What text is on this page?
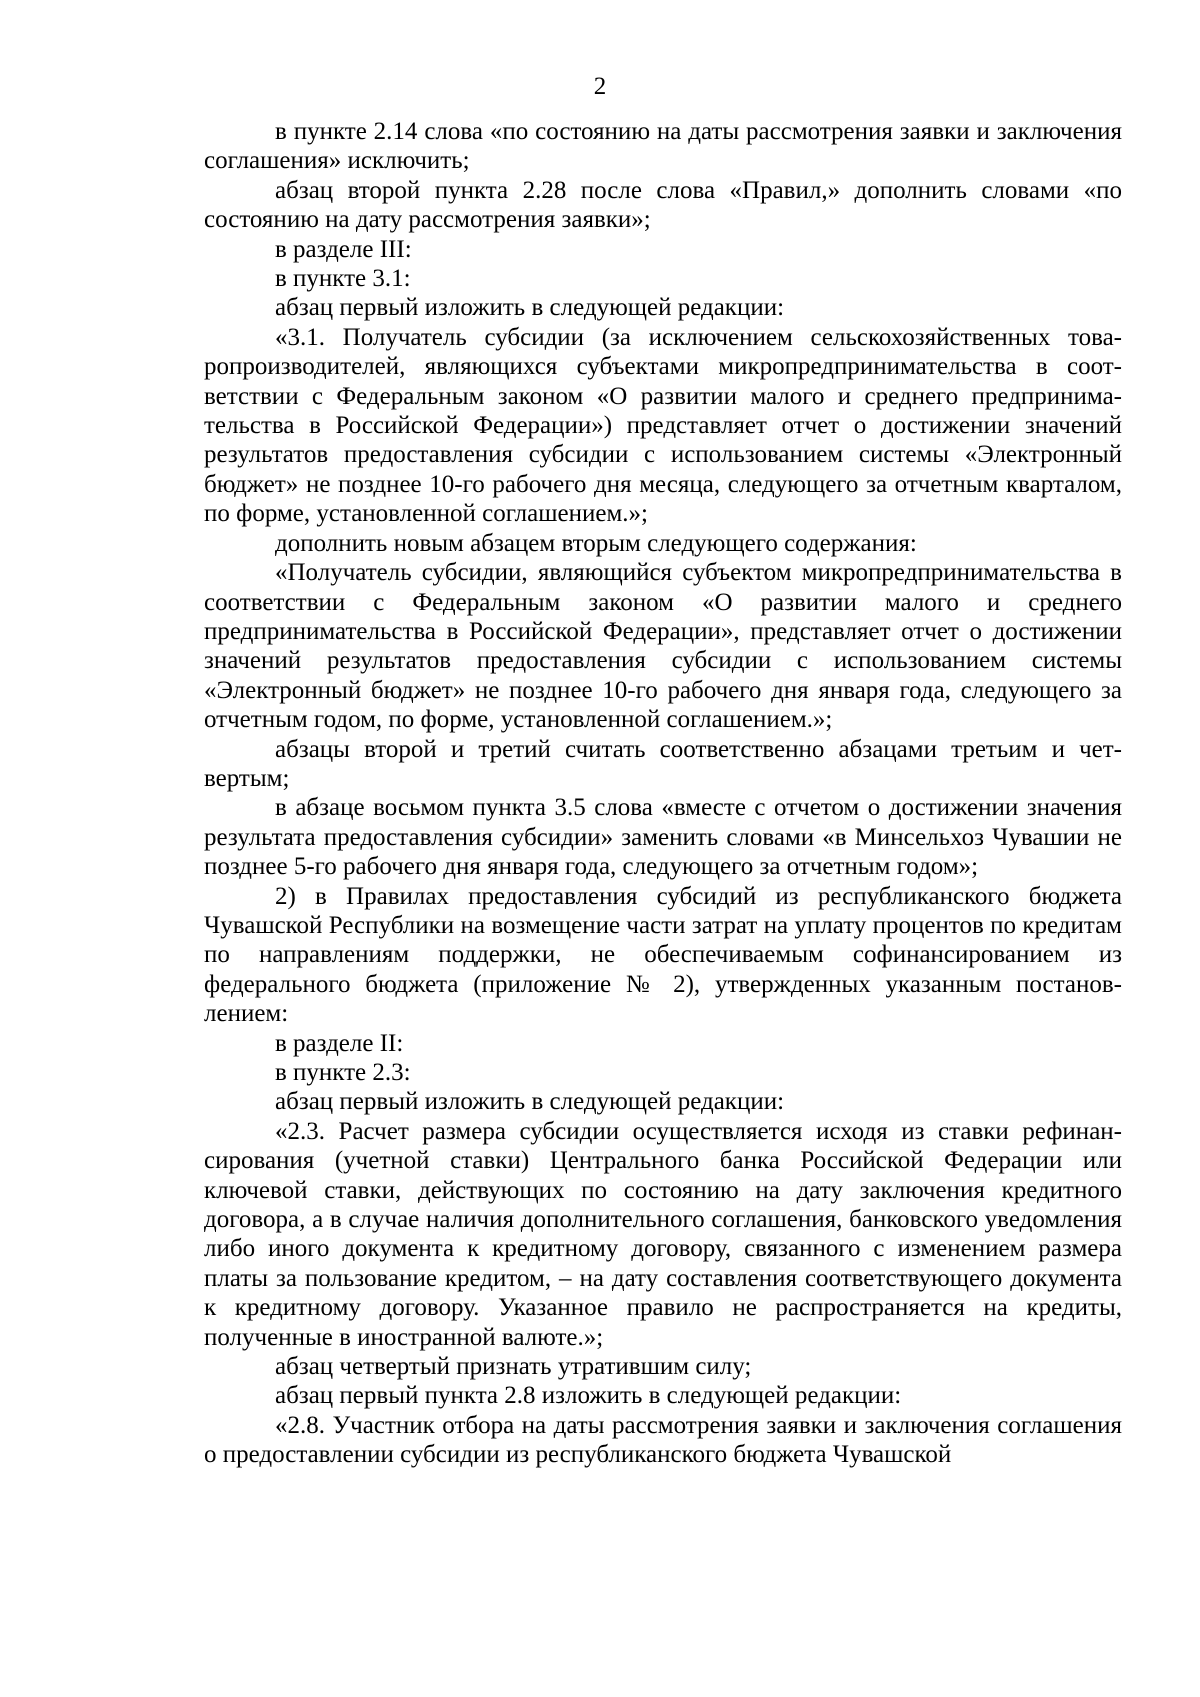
2

в пункте 2.14 слова «по состоянию на даты рассмотрения заявки и заключения соглашения» исключить;

абзац второй пункта 2.28 после слова «Правил,» дополнить словами «по состоянию на дату рассмотрения заявки»;

в разделе III:

в пункте 3.1:

абзац первый изложить в следующей редакции:

«3.1. Получатель субсидии (за исключением сельскохозяйственных товаропроизводителей, являющихся субъектами микропредпринимательства в соответствии с Федеральным законом «О развитии малого и среднего предпринимательства в Российской Федерации») представляет отчет о достижении значений результатов предоставления субсидии с использованием системы «Электронный бюджет» не позднее 10-го рабочего дня месяца, следующего за отчетным кварталом, по форме, установленной соглашением.»;

дополнить новым абзацем вторым следующего содержания:

«Получатель субсидии, являющийся субъектом микропредпринимательства в соответствии с Федеральным законом «О развитии малого и среднего предпринимательства в Российской Федерации», представляет отчет о достижении значений результатов предоставления субсидии с использованием системы «Электронный бюджет» не позднее 10-го рабочего дня января года, следующего за отчетным годом, по форме, установленной соглашением.»;

абзацы второй и третий считать соответственно абзацами третьим и четвертым;

в абзаце восьмом пункта 3.5 слова «вместе с отчетом о достижении значения результата предоставления субсидии» заменить словами «в Минсельхоз Чувашии не позднее 5-го рабочего дня января года, следующего за отчетным годом»;

2) в Правилах предоставления субсидий из республиканского бюджета Чувашской Республики на возмещение части затрат на уплату процентов по кредитам по направлениям поддержки, не обеспечиваемым софинансированием из федерального бюджета (приложение № 2), утвержденных указанным постановлением:

в разделе II:

в пункте 2.3:

абзац первый изложить в следующей редакции:

«2.3. Расчет размера субсидии осуществляется исходя из ставки рефинансирования (учетной ставки) Центрального банка Российской Федерации или ключевой ставки, действующих по состоянию на дату заключения кредитного договора, а в случае наличия дополнительного соглашения, банковского уведомления либо иного документа к кредитному договору, связанного с изменением размера платы за пользование кредитом, – на дату составления соответствующего документа к кредитному договору. Указанное правило не распространяется на кредиты, полученные в иностранной валюте.»;

абзац четвертый признать утратившим силу;

абзац первый пункта 2.8 изложить в следующей редакции:

«2.8. Участник отбора на даты рассмотрения заявки и заключения соглашения о предоставлении субсидии из республиканского бюджета Чувашской
